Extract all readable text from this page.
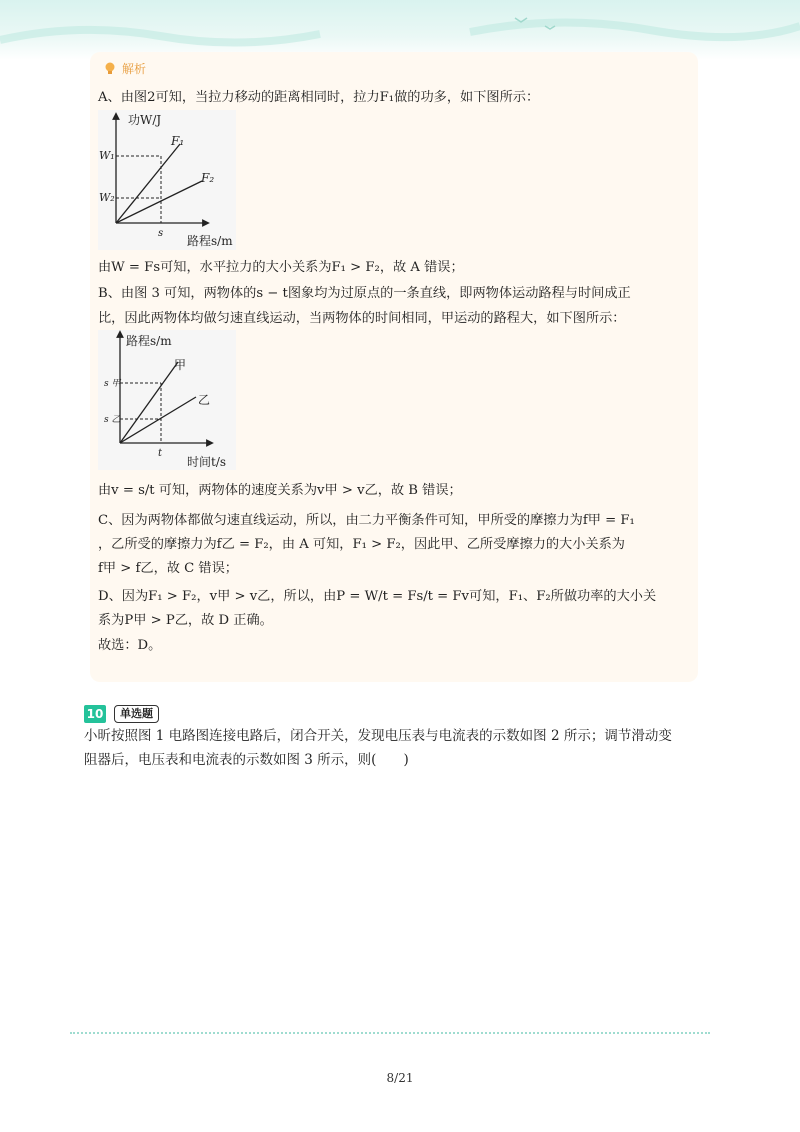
解析
A、由图2可知，当拉力移动的距离相同时，拉力F₁做的功多，如下图所示：
功W/J
路程s/m
F₁
F₂
W₁
W₂
s
由W = Fs可知，水平拉力的大小关系为F₁ > F₂，故 A 错误；
B、由图 3 可知，两物体的s − t图象均为过原点的一条直线，即两物体运动路程与时间成正
比，因此两物体均做匀速直线运动，当两物体的时间相同，甲运动的路程大，如下图所示：
路程s/m
时间t/s
甲
乙
s 甲
s 乙
t
由v = s/t 可知，两物体的速度关系为v甲 > v乙，故 B 错误；
C、因为两物体都做匀速直线运动，所以，由二力平衡条件可知，甲所受的摩擦力为f甲 = F₁
，乙所受的摩擦力为f乙 = F₂，由 A 可知，F₁ > F₂，因此甲、乙所受摩擦力的大小关系为
f甲 > f乙，故 C 错误；
D、因为F₁ > F₂，v甲 > v乙，所以，由P = W/t = Fs/t = Fv可知，F₁、F₂所做功率的大小关
系为P甲 > P乙，故 D 正确。
故选：D。
10	单选题
小昕按照图 1 电路图连接电路后，闭合开关，发现电压表与电流表的示数如图 2 所示；调节滑动变
阻器后，电压表和电流表的示数如图 3 所示，则(　　)
8/21
